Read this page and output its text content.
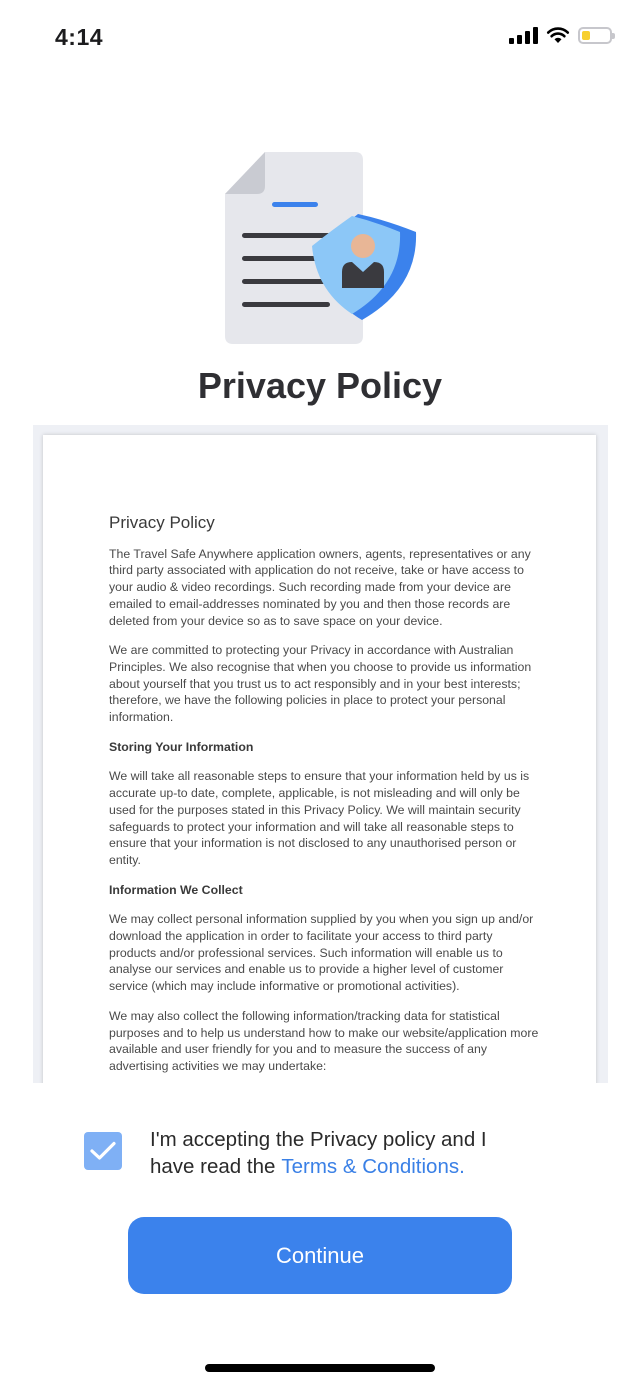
4:14
Privacy Policy
Privacy Policy

The Travel Safe Anywhere application owners, agents, representatives or any third party associated with application do not receive, take or have access to your audio & video recordings. Such recording made from your device are emailed to email-addresses nominated by you and then those records are deleted from your device so as to save space on your device.

We are committed to protecting your Privacy in accordance with Australian Principles. We also recognise that when you choose to provide us information about yourself that you trust us to act responsibly and in your best interests; therefore, we have the following policies in place to protect your personal information.

Storing Your Information

We will take all reasonable steps to ensure that your information held by us is accurate up-to date, complete, applicable, is not misleading and will only be used for the purposes stated in this Privacy Policy. We will maintain security safeguards to protect your information and will take all reasonable steps to ensure that your information is not disclosed to any unauthorised person or entity.

Information We Collect

We may collect personal information supplied by you when you sign up and/or download the application in order to facilitate your access to third party products and/or professional services. Such information will enable us to analyse our services and enable us to provide a higher level of customer service (which may include informative or promotional activities).

We may also collect the following information/tracking data for statistical purposes and to help us understand how to make our website/application more available and user friendly for you and to measure the success of any advertising activities we may undertake:

I'm accepting the Privacy policy and I
have read the Terms & Conditions.
Continue
